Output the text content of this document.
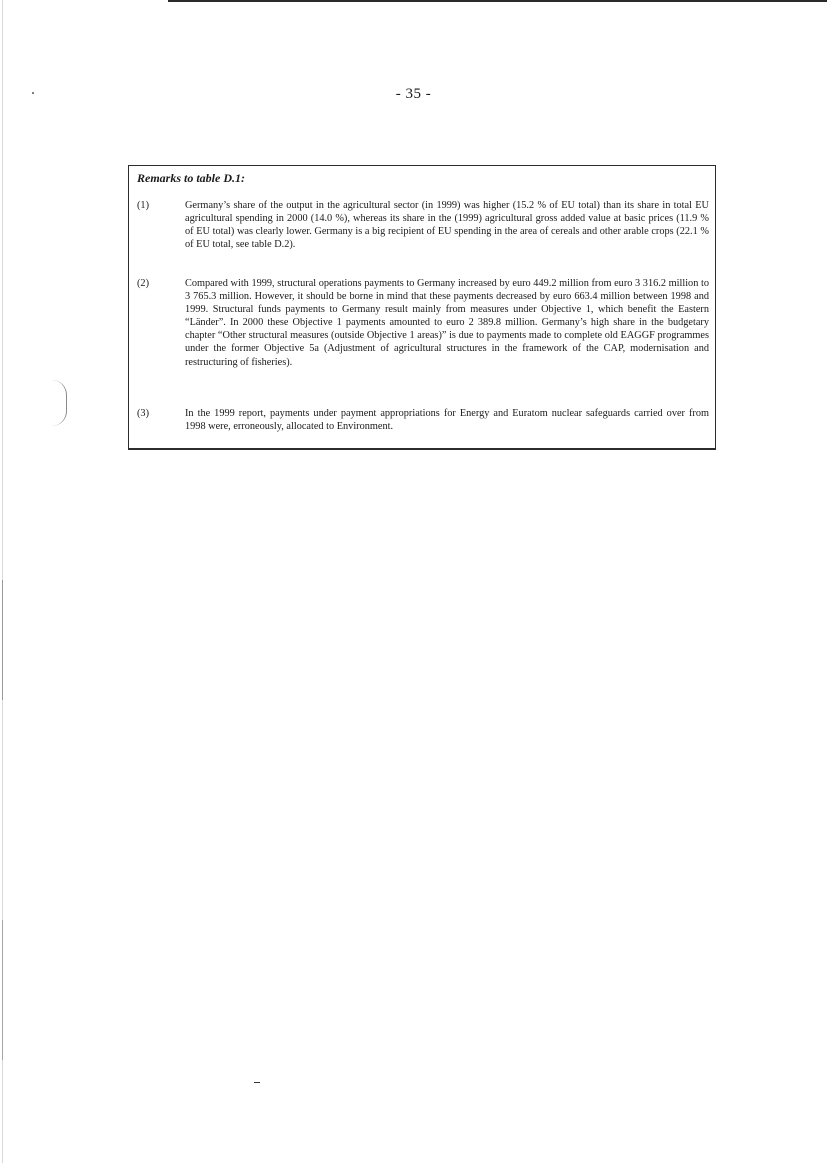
- 35 -
Remarks to table D.1:
(1)	Germany’s share of the output in the agricultural sector (in 1999) was higher (15.2 % of EU total) than its share in total EU agricultural spending in 2000 (14.0 %), whereas its share in the (1999) agricultural gross added value at basic prices (11.9 % of EU total) was clearly lower. Germany is a big recipient of EU spending in the area of cereals and other arable crops (22.1 % of EU total, see table D.2).
(2)	Compared with 1999, structural operations payments to Germany increased by euro 449.2 million from euro 3 316.2 million to 3 765.3 million. However, it should be borne in mind that these payments decreased by euro 663.4 million between 1998 and 1999. Structural funds payments to Germany result mainly from measures under Objective 1, which benefit the Eastern “Länder”. In 2000 these Objective 1 payments amounted to euro 2 389.8 million. Germany’s high share in the budgetary chapter “Other structural measures (outside Objective 1 areas)” is due to payments made to complete old EAGGF programmes under the former Objective 5a (Adjustment of agricultural structures in the framework of the CAP, modernisation and restructuring of fisheries).
(3)	In the 1999 report, payments under payment appropriations for Energy and Euratom nuclear safeguards carried over from 1998 were, erroneously, allocated to Environment.
